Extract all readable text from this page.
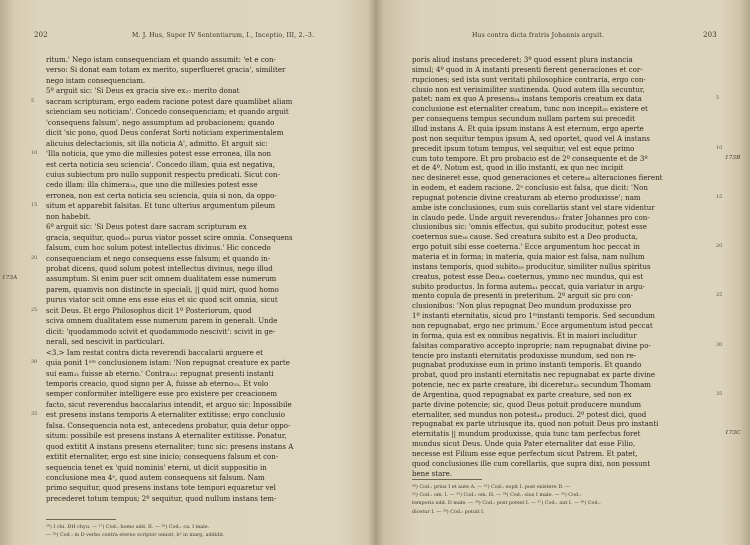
202	M. J. Hus, Super IV Sententiarum, I., Inceptio, III, 2.–3.
ritum.' Nego istam consequenciam et quando assumit: 'et e con-
verso: Si donat eam totam ex merito, superflueret gracia', similiter
nego istam consequenciam.
5º arguit sic: 'Si Deus ex gracia sive ex₂₇ merito donat
sacram scripturam, ergo eadem racione potest dare quamlibet aliam
scienciam seu noticiam'. Concedo consequenciam; et quando arguit
'consequens falsum', nego assumptum ad probacionem; quando
dicit 'sic pono, quod Deus conferat Sorti noticiam experimentalem
alicuius delectacionis, sit illa noticia A', admitto. Et arguit sic:
'Illa noticia, que ymo die millesies potest esse erronea, illa non
est certa noticia seu sciencia'. Concedo illam, quia est negativa,
cuius subiectum pro nullo supponit respectu predicati. Sicut con-
cedo illam: illa chimera₂₈, que uno die millesies potest esse
erronea, non est certa noticia seu sciencia, quia si non, da oppo-
situm et apparebit falsitas. Et tunc ulterius argumentum pileum
non habebit.
6º arguit sic: 'Si Deus potest dare sacram scripturam ex
gracia, sequitur, quod₂₉ purus viator posset scire omnia. Consequens
falsum, cum hoc solum potest intellectus divinus.' Hic concedo
consequenciam et nego consequens esse falsum; et quando in-
probat dicens, quod solum potest intellectus divinus, nego illud
assumptum. Si enim puer scit omnem dualitatem esse numerum
parem, quamvis non distincte in speciali, || quid miri, quod homo
purus viator scit omne ens esse eius et sic quod scit omnia, sicut
scit Deus. Et ergo Philosophus dicit 1º Posteriorum, quod
sciva omnem dualitatem esse numerum parem in generali. Unde
dicit: 'quodammodo scivit et quodammodo nescivit': scivit in ge-
nerali, sed nescivit in particulari.
<3.> Iam restat contra dicta reverendi baccalarii arguere et
quia ponit 1ᵃᵐ conclusionem istam: 'Non repugnat creature ex parte
sui eam₃₁ fuisse ab eterno.' Contra₃₂: repugnat presenti instanti
temporis creacio, quod signo per A, fuisse ab eterno₃₃. Et volo
semper conformiter intelligere esse pro existere per creacionem
facto, sicut reverendus baccalarius intendit, et arguo sic: Inpossibile
est presens instans temporis A eternaliter extitisse; ergo conclusio
falsa. Consequencia nota est, antecedens probatur, quia detur oppo-
situm: possibile est presens instans A eternaliter extitisse. Ponatur,
quod extitit A instans presens eternaliter; tunc sic: presens instans A
extitit eternaliter, ergo est sine inicio; consequens falsum et con-
sequencia tenet ex 'quid nominis' eterni, ut dicit suppositio in
conclusione mea 4ᵃ, quod autem consequens sit falsum. Nam
primo sequitur, quod presens instans tote tempori equaretur vel
precederet totum tempus; 2º sequitur, quod nullum instans tem-
5
10
15
20
25
30
35
173A
²⁶) I chi. DH chyu. — ²⁷) Cod.: homo add. II. — ²⁸) Cod.: ca. I male.
— ²⁹) Cod.: in D verbo contra eterno scriptor omisit, b² in marg. addidit.
Hus contra dicta fratris Johannis arguit.	203
poris aliud instans precederet; 3º quod essent plura instancia
simul; 4º quod in A instanti presenti fierent generaciones et cor-
rupciones; sed ista sunt veritati philosophice contraria, ergo con-
clusio non est verisimiliter sustinenda. Quod autem illa secuntur,
patet: nam ex quo A presens₃₄ instans temporis creatum ex data
conclusione est eternaliter creatum, tunc non incepit₃₅ existere et
per consequens tempus secundum nullam partem sui precedit
illud instans A. Et quia ipsum instans A est eternum, ergo aperte
post non sequitur tempus ipsum A, sed oportet, quod vel A instans
precedit ipsum totum tempus, vel sequitur, vel est eque primo
cum toto tempore. Et pro probacio est de 2º consequente et de 3º
et de 4º. Notum est, quod in illo instanti, ex quo nec incipit
nec desineret esse, quod generaciones et cetere₃₆ alteraciones fierent
in eodem, et eadem racione. 2ᵃ conclusio est falsa, que dicit: 'Non
repugnat potencie divine creaturam ab eterno produxisse'; nam
ambe iste conclusiones, cum suis corellariis stant vel stare videntur
in claudo pede. Unde arguit reverendus₃₇ frater Johannes pro con-
clusionibus sic: 'omnis effectus, qui subito producitur, potest esse
coeternus sue₃₈ cause. Sed creatura subito est a Deo producta,
ergo potuit sibi esse coeterna.' Ecce argumentum hoc peccat in
materia et in forma; in materia, quia maior est falsa, nam nullum
instans temporis, quod subito₃₉ producitur, similiter nullus spiritus
creatus, potest esse Deo₄₀ coeternus, ymmo nec mundus, qui est
subito productus. In forma autem₄₁ peccat, quia variatur in argu-
mento copula de presenti in preteritum. 2º arguit sic pro con-
clusionibus: 'Non plus repugnat Deo mundum produxisse pro
1º instanti eternitatis, sicud pro 1ᵐinstanti temporis. Sed secundum
non repugnabat, ergo nec primum.' Ecce argumentum istud peccat
in forma, quia est ex omnibus negativis. Et in maiori includitur
falsitas comparativo accepto inproprie; nam repugnabat divine po-
tencie pro instanti eternitatis produxisse mundum, sed non re-
pugnabat produxisse eum in primo instanti temporis. Et quando
probat, quod pro instanti eternitatis nec repugnabat ex parte divine
potencie, nec ex parte creature, ibi diceretur₄₂ secundum Thomam
de Argentina, quod repugnabat ex parte creature, sed non ex
parte divine potencie; sic, quod Deus potuit producere mundum
eternaliter, sed mundus non potest₄₃ produci. 2º potest dici, quod
repugnabat ex parte utriusque ita, quod non potuit Deus pro instanti
eternitatis || mundum produxisse, quia tunc tam perfectus foret
mundus sicut Deus. Unde quia Pater eternaliter dat esse Filio,
necesse est Filium esse eque perfectum sicut Patrem. Et patet,
quod conclusiones ille cum corellariis, que supra dixi, non possunt
bene stare.
5
10
15
20
25
30
35
173B
173C
³⁰) Cod.: prius I et aute A. — ³¹) Cod.: eopit I. post existere D. —
³²) Cod.: om. I. — ³³) Cod.: om. H. — ³⁴) Cod.: sius I male. — ³⁵) Cod.:
temporis add. D male. — ³⁶) Cod.: post potest I. — ³⁷) Cod.: aut I. — ³⁸) Cod.:
dicetur I. — ³⁹) Cod.: potuit I.
